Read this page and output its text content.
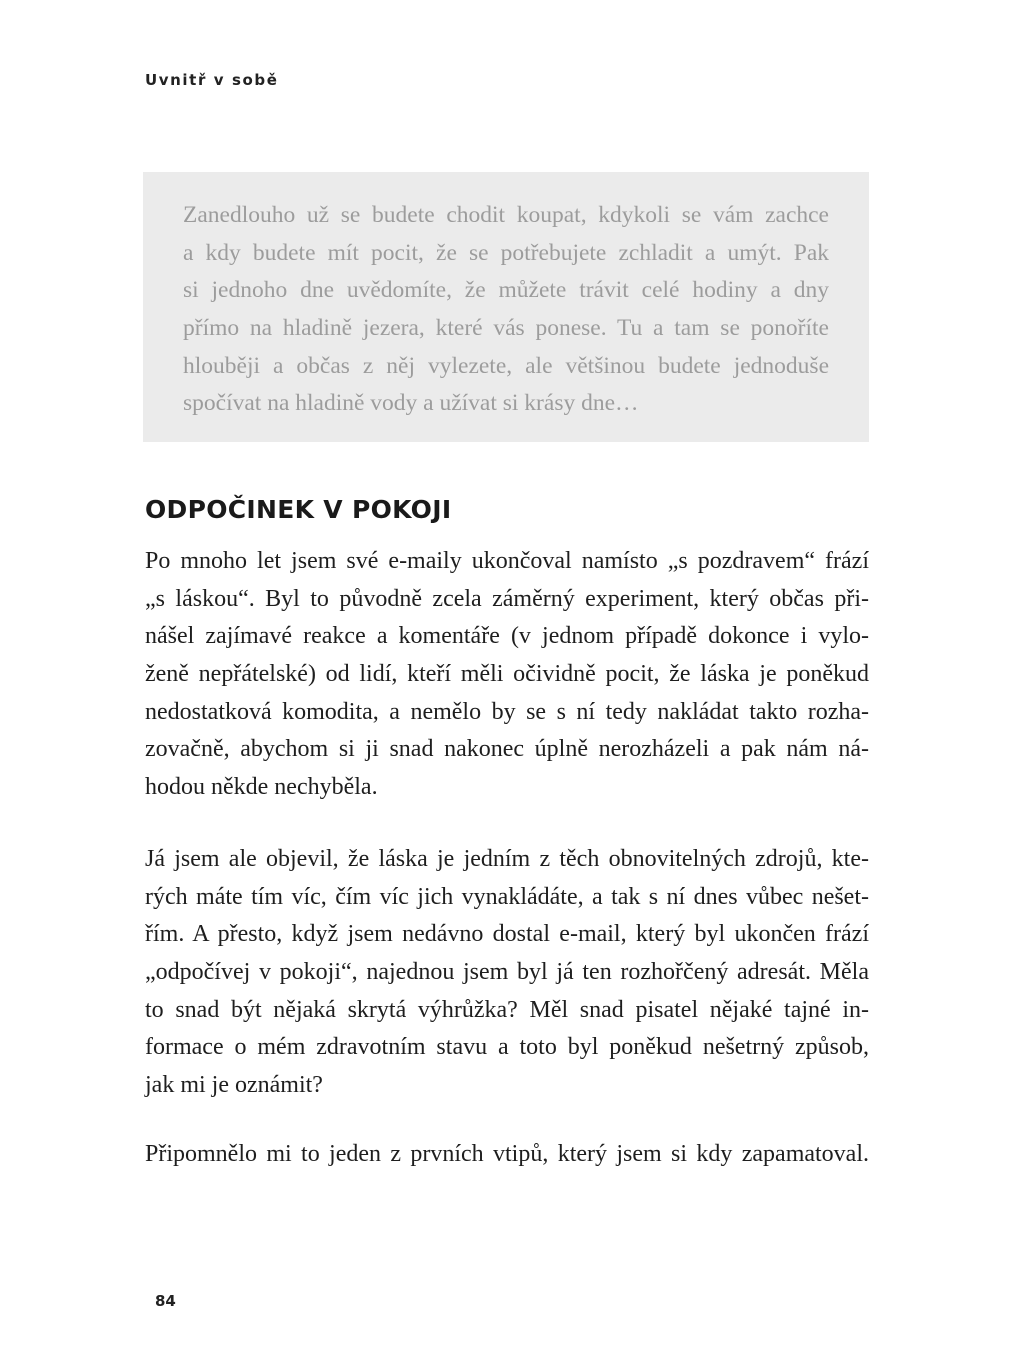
Uvnitř v sobě
Zanedlouho už se budete chodit koupat, kdykoli se vám zachce
a kdy budete mít pocit, že se potřebujete zchladit a umýt. Pak
si jednoho dne uvědomíte, že můžete trávit celé hodiny a dny
přímo na hladině jezera, které vás ponese. Tu a tam se ponoříte
hlouběji a občas z něj vylezete, ale většinou budete jednoduše
spočívat na hladině vody a užívat si krásy dne…
ODPOČINEK V POKOJI
Po mnoho let jsem své e-maily ukončoval namísto „s pozdravem“ frází
„s láskou“. Byl to původně zcela záměrný experiment, který občas při-
nášel zajímavé reakce a komentáře (v jednom případě dokonce i vylo-
ženě nepřátelské) od lidí, kteří měli očividně pocit, že láska je poněkud
nedostatková komodita, a nemělo by se s ní tedy nakládat takto rozha-
zovačně, abychom si ji snad nakonec úplně nerozházeli a pak nám ná-
hodou někde nechyběla.
Já jsem ale objevil, že láska je jedním z těch obnovitelných zdrojů, kte-
rých máte tím víc, čím víc jich vynakládáte, a tak s ní dnes vůbec nešet-
řím. A přesto, když jsem nedávno dostal e-mail, který byl ukončen frází
„odpočívej v pokoji“, najednou jsem byl já ten rozhořčený adresát. Měla
to snad být nějaká skrytá výhrůžka? Měl snad pisatel nějaké tajné in-
formace o mém zdravotním stavu a toto byl poněkud nešetrný způsob,
jak mi je oznámit?
Připomnělo mi to jeden z prvních vtipů, který jsem si kdy zapamatoval.
84
